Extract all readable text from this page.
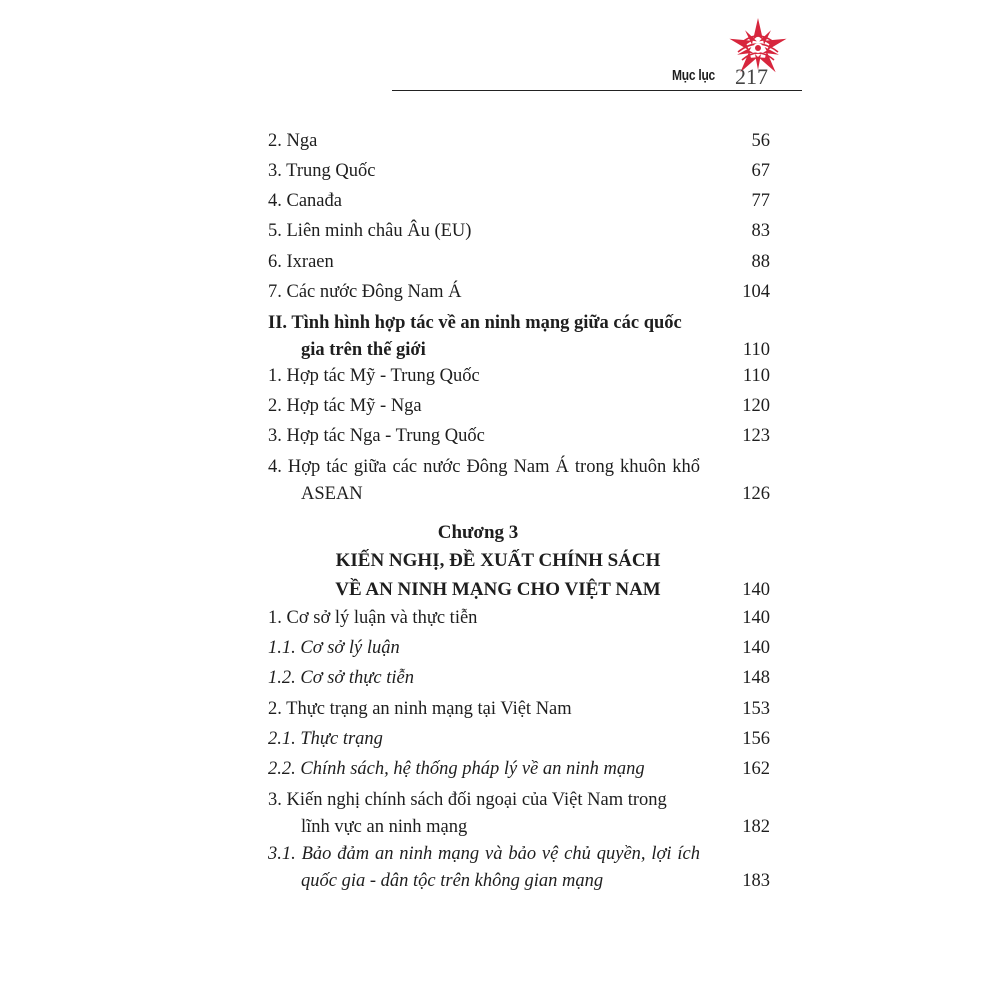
Mục lục 217
2. Nga	56
3. Trung Quốc	67
4. Canađa	77
5. Liên minh châu Âu (EU)	83
6. Ixraen	88
7. Các nước Đông Nam Á	104
II. Tình hình hợp tác về an ninh mạng giữa các quốc gia trên thế giới	110
1. Hợp tác Mỹ - Trung Quốc	110
2. Hợp tác Mỹ - Nga	120
3. Hợp tác Nga - Trung Quốc	123
4. Hợp tác giữa các nước Đông Nam Á trong khuôn khổ ASEAN	126
Chương 3
KIẾN NGHỊ, ĐỀ XUẤT CHÍNH SÁCH
VỀ AN NINH MẠNG CHO VIỆT NAM	140
1. Cơ sở lý luận và thực tiễn	140
1.1. Cơ sở lý luận	140
1.2. Cơ sở thực tiễn	148
2. Thực trạng an ninh mạng tại Việt Nam	153
2.1. Thực trạng	156
2.2. Chính sách, hệ thống pháp lý về an ninh mạng	162
3. Kiến nghị chính sách đối ngoại của Việt Nam trong lĩnh vực an ninh mạng	182
3.1. Bảo đảm an ninh mạng và bảo vệ chủ quyền, lợi ích quốc gia - dân tộc trên không gian mạng	183
